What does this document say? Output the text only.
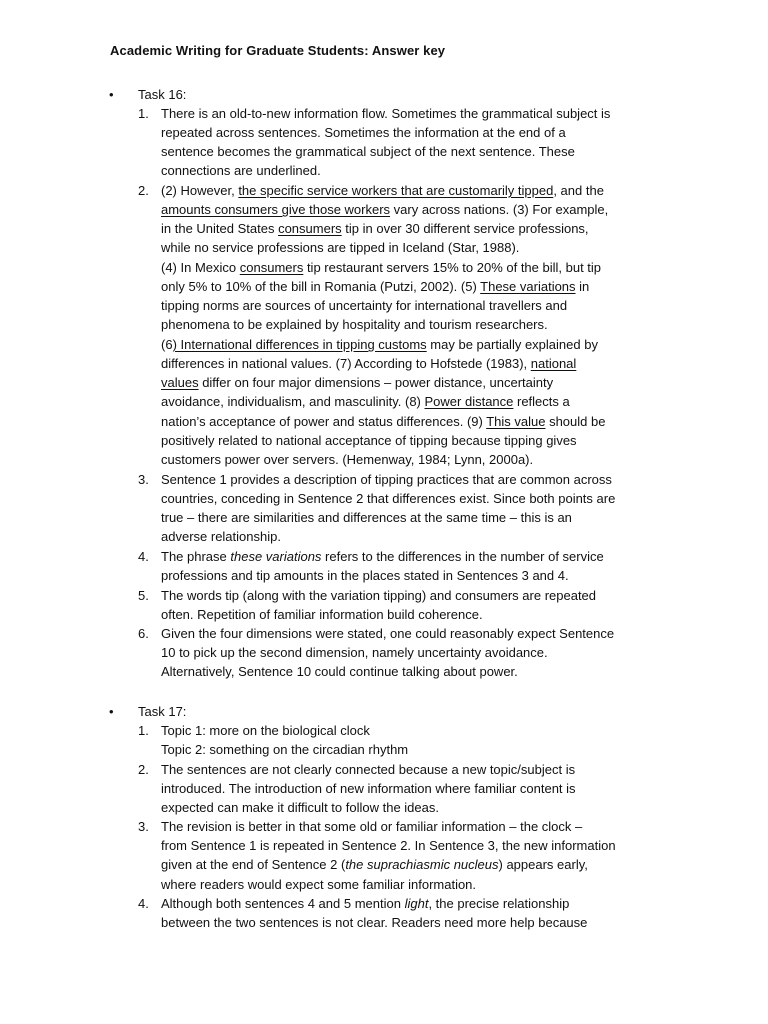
Academic Writing for Graduate Students: Answer key
• Task 16:
1. There is an old-to-new information flow. Sometimes the grammatical subject is
repeated across sentences. Sometimes the information at the end of a
sentence becomes the grammatical subject of the next sentence. These
connections are underlined.
2. (2) However, the specific service workers that are customarily tipped, and the
amounts consumers give those workers vary across nations. (3) For example,
in the United States consumers tip in over 30 different service professions,
while no service professions are tipped in Iceland (Star, 1988).
(4) In Mexico consumers tip restaurant servers 15% to 20% of the bill, but tip
only 5% to 10% of the bill in Romania (Putzi, 2002). (5) These variations in
tipping norms are sources of uncertainty for international travellers and
phenomena to be explained by hospitality and tourism researchers.
(6) International differences in tipping customs may be partially explained by
differences in national values. (7) According to Hofstede (1983), national
values differ on four major dimensions – power distance, uncertainty
avoidance, individualism, and masculinity. (8) Power distance reflects a
nation’s acceptance of power and status differences. (9) This value should be
positively related to national acceptance of tipping because tipping gives
customers power over servers. (Hemenway, 1984; Lynn, 2000a).
3. Sentence 1 provides a description of tipping practices that are common across
countries, conceding in Sentence 2 that differences exist. Since both points are
true – there are similarities and differences at the same time – this is an
adverse relationship.
4. The phrase these variations refers to the differences in the number of service
professions and tip amounts in the places stated in Sentences 3 and 4.
5. The words tip (along with the variation tipping) and consumers are repeated
often. Repetition of familiar information build coherence.
6. Given the four dimensions were stated, one could reasonably expect Sentence
10 to pick up the second dimension, namely uncertainty avoidance.
Alternatively, Sentence 10 could continue talking about power.
• Task 17:
1. Topic 1: more on the biological clock
Topic 2: something on the circadian rhythm
2. The sentences are not clearly connected because a new topic/subject is
introduced. The introduction of new information where familiar content is
expected can make it difficult to follow the ideas.
3. The revision is better in that some old or familiar information – the clock –
from Sentence 1 is repeated in Sentence 2. In Sentence 3, the new information
given at the end of Sentence 2 (the suprachiasmic nucleus) appears early,
where readers would expect some familiar information.
4. Although both sentences 4 and 5 mention light, the precise relationship
between the two sentences is not clear. Readers need more help because
